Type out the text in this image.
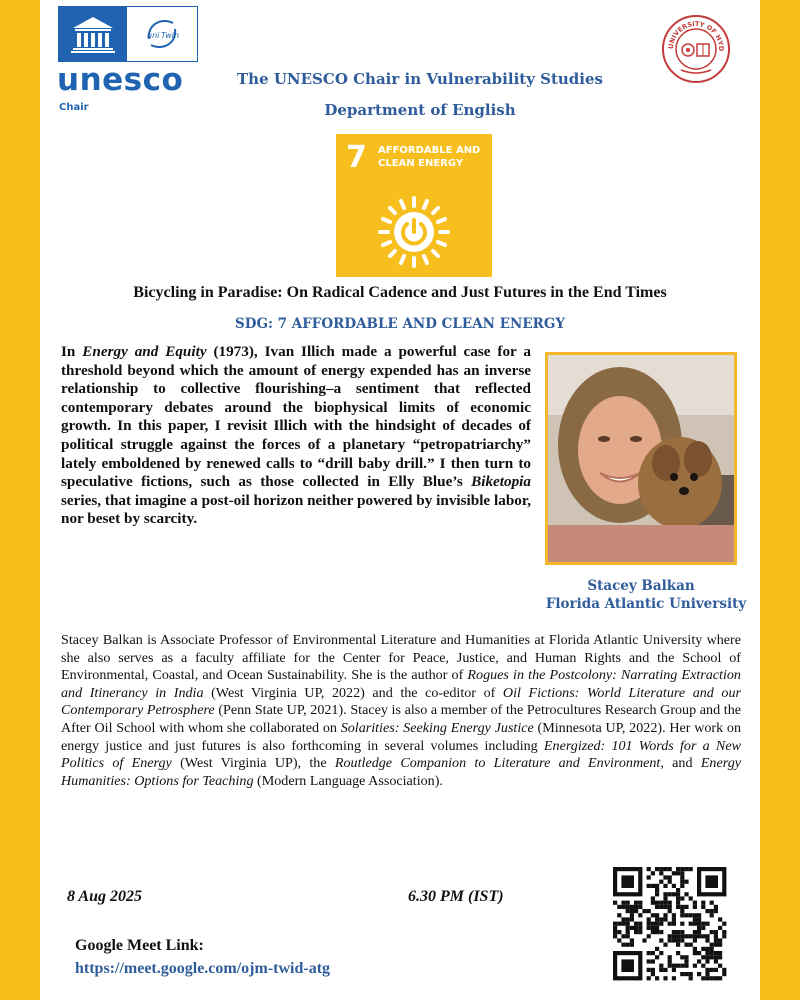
uni Twin
unesco
Chair
UNIVERSITY OF HYD
The UNESCO Chair in Vulnerability Studies
Department of English
7 AFFORDABLE AND
CLEAN ENERGY
Bicycling in Paradise: On Radical Cadence and Just Futures in the End Times
SDG: 7 AFFORDABLE AND CLEAN ENERGY
In Energy and Equity (1973), Ivan Illich made a powerful case for a threshold beyond which the amount of energy expended has an inverse relationship to collective flourishing–a sentiment that reflected contemporary debates around the biophysical limits of economic growth. In this paper, I revisit Illich with the hindsight of decades of political struggle against the forces of a planetary “petropatriarchy” lately emboldened by renewed calls to “drill baby drill.” I then turn to speculative fictions, such as those collected in Elly Blue’s Biketopia series, that imagine a post-oil horizon neither powered by invisible labor, nor beset by scarcity.
Stacey Balkan
Florida Atlantic University
Stacey Balkan is Associate Professor of Environmental Literature and Humanities at Florida Atlantic University where she also serves as a faculty affiliate for the Center for Peace, Justice, and Human Rights and the School of Environmental, Coastal, and Ocean Sustainability. She is the author of Rogues in the Postcolony: Narrating Extraction and Itinerancy in India (West Virginia UP, 2022) and the co-editor of Oil Fictions: World Literature and our Contemporary Petrosphere (Penn State UP, 2021). Stacey is also a member of the Petrocultures Research Group and the After Oil School with whom she collaborated on Solarities: Seeking Energy Justice (Minnesota UP, 2022). Her work on energy justice and just futures is also forthcoming in several volumes including Energized: 101 Words for a New Politics of Energy (West Virginia UP), the Routledge Companion to Literature and Environment, and Energy Humanities: Options for Teaching (Modern Language Association).
8 Aug 2025	6.30 PM (IST)
Google Meet Link:
https://meet.google.com/ojm-twid-atg
